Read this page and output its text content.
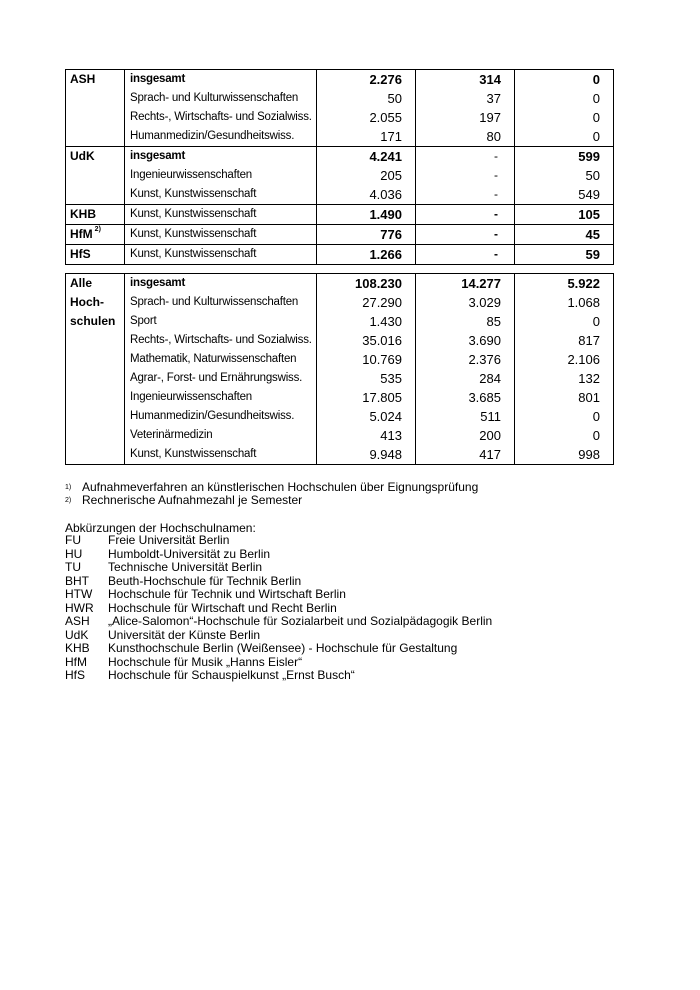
ASH	insgesamt	2.276	314	0
	Sprach- und Kulturwissenschaften	50	37	0
	Rechts-, Wirtschafts- und Sozialwiss.	2.055	197	0
	Humanmedizin/Gesundheitswiss.	171	80	0
UdK	insgesamt	4.241	-	599
	Ingenieurwissenschaften	205	-	50
	Kunst, Kunstwissenschaft	4.036	-	549
KHB	Kunst, Kunstwissenschaft	1.490	-	105
HfM $^{2)}$	Kunst, Kunstwissenschaft	776	-	45
HfS	Kunst, Kunstwissenschaft	1.266	-	59
Alle	insgesamt	108.230	14.277	5.922
Hoch-	Sprach- und Kulturwissenschaften	27.290	3.029	1.068
schulen	Sport	1.430	85	0
	Rechts-, Wirtschafts- und Sozialwiss.	35.016	3.690	817
	Mathematik, Naturwissenschaften	10.769	2.376	2.106
	Agrar-, Forst- und Ernährungswiss.	535	284	132
	Ingenieurwissenschaften	17.805	3.685	801
	Humanmedizin/Gesundheitswiss.	5.024	511	0
	Veterinärmedizin	413	200	0
	Kunst, Kunstwissenschaft	9.948	417	998
$^{1)}$ Aufnahmeverfahren an künstlerischen Hochschulen über Eignungsprüfung
$^{2)}$ Rechnerische Aufnahmezahl je Semester
Abkürzungen der Hochschulnamen:
FU	Freie Universität Berlin
HU	Humboldt-Universität zu Berlin
TU	Technische Universität Berlin
BHT	Beuth-Hochschule für Technik Berlin
HTW	Hochschule für Technik und Wirtschaft Berlin
HWR	Hochschule für Wirtschaft und Recht Berlin
ASH	„Alice-Salomon“-Hochschule für Sozialarbeit und Sozialpädagogik Berlin
UdK	Universität der Künste Berlin
KHB	Kunsthochschule Berlin (Weißensee) - Hochschule für Gestaltung
HfM	Hochschule für Musik „Hanns Eisler“
HfS	Hochschule für Schauspielkunst „Ernst Busch“
